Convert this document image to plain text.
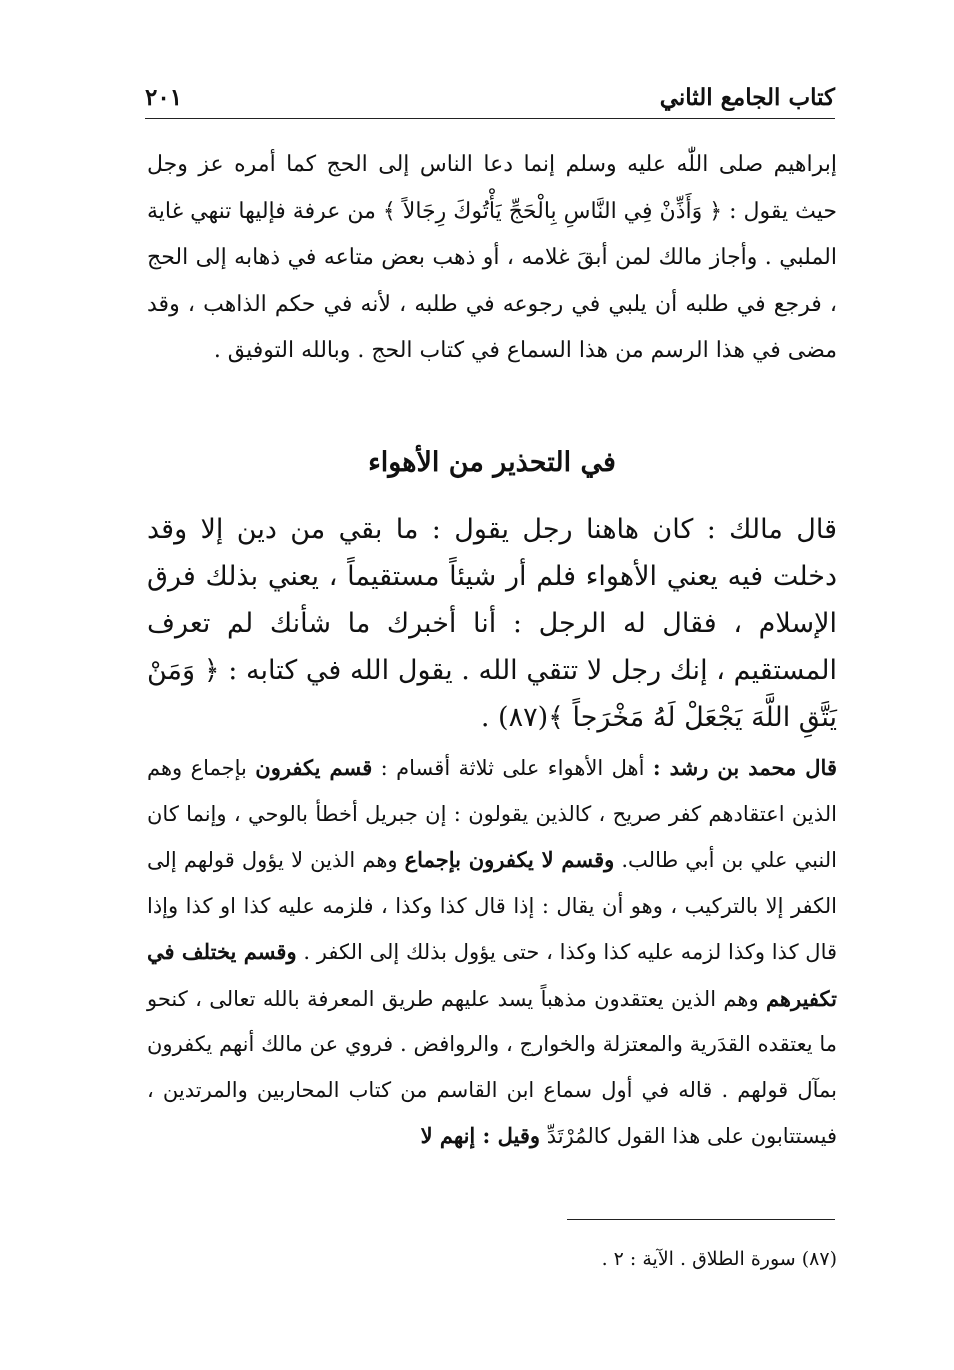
كتاب الجامع الثاني
٢٠١

إبراهيم صلى اللّٰه عليه وسلم إنما دعا الناس إلى الحج كما أمره عز وجل حيث يقول : ﴿ وَأَذِّنْ فِي النَّاسِ بِالْحَجِّ يَأْتُوكَ رِجَالاً ﴾ من عرفة فإليها تنهي غاية الملبي . وأجاز مالك لمن أبقَ غلامه ، أو ذهب بعض متاعه في ذهابه إلى الحج ، فرجع في طلبه أن يلبي في رجوعه في طلبه ، لأنه في حكم الذاهب ، وقد مضى في هذا الرسم من هذا السماع في كتاب الحج . وبالله التوفيق .

في التحذير من الأهواء

قال مالك : كان هاهنا رجل يقول : ما بقي من دين إلا وقد دخلت فيه يعني الأهواء فلم أر شيئاً مستقيماً ، يعني بذلك فرق الإسلام ، فقال له الرجل : أنا أخبرك ما شأنك لم تعرف المستقيم ، إنك رجل لا تتقي الله . يقول الله في كتابه : ﴿ وَمَنْ يَتَّقِ اللَّهَ يَجْعَلْ لَهُ مَخْرَجاً ﴾(٨٧) .

قال محمد بن رشد : أهل الأهواء على ثلاثة أقسام : قسم يكفرون بإجماع وهم الذين اعتقادهم كفر صريح ، كالذين يقولون : إن جبريل أخطأ بالوحي ، وإنما كان النبي علي بن أبي طالب. وقسم لا يكفرون بإجماع وهم الذين لا يؤول قولهم إلى الكفر إلا بالتركيب ، وهو أن يقال : إذا قال كذا وكذا ، فلزمه عليه كذا او كذا وإذا قال كذا وكذا لزمه عليه كذا وكذا ، حتى يؤول بذلك إلى الكفر . وقسم يختلف في تكفيرهم وهم الذين يعتقدون مذهباً يسد عليهم طريق المعرفة بالله تعالى ، كنحو ما يعتقده القدَرية والمعتزلة والخوارج ، والروافض . فروي عن مالك أنهم يكفرون بمآل قولهم . قاله في أول سماع ابن القاسم من كتاب المحاربين والمرتدين ، فيستتابون على هذا القول كالمُرْتَدِّ وقيل : إنهم لا

(٨٧) سورة الطلاق . الآية : ٢ .
